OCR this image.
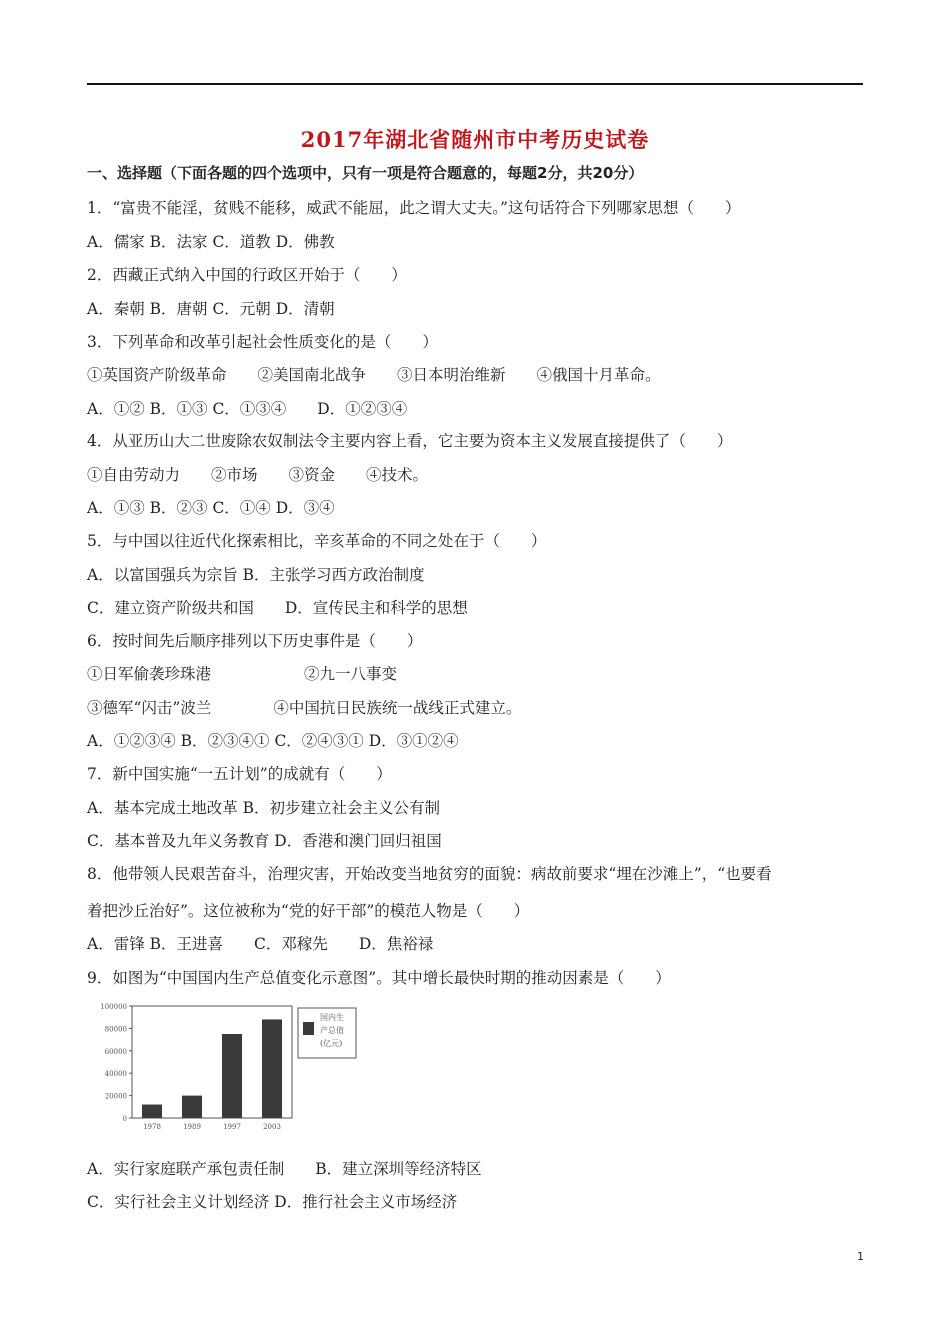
2017年湖北省随州市中考历史试卷
一、选择题（下面各题的四个选项中，只有一项是符合题意的，每题2分，共20分）
1．“富贵不能淫，贫贱不能移，威武不能屈，此之谓大丈夫。”这句话符合下列哪家思想（　　）
A．儒家 B．法家 C．道教 D．佛教
2．西藏正式纳入中国的行政区开始于（　　）
A．秦朝 B．唐朝 C．元朝 D．清朝
3．下列革命和改革引起社会性质变化的是（　　）
①英国资产阶级革命　　②美国南北战争　　③日本明治维新　　④俄国十月革命。
A．①② B．①③ C．①③④　　D．①②③④
4．从亚历山大二世废除农奴制法令主要内容上看，它主要为资本主义发展直接提供了（　　）
①自由劳动力　　②市场　　③资金　　④技术。
A．①③ B．②③ C．①④ D．③④
5．与中国以往近代化探索相比，辛亥革命的不同之处在于（　　）
A．以富国强兵为宗旨 B．主张学习西方政治制度
C．建立资产阶级共和国　　D．宣传民主和科学的思想
6．按时间先后顺序排列以下历史事件是（　　）
①日军偷袭珍珠港　　　　　　②九一八事变
③德军“闪击”波兰　　　　④中国抗日民族统一战线正式建立。
A．①②③④ B．②③④① C．②④③① D．③①②④
7．新中国实施“一五计划”的成就有（　　）
A．基本完成土地改革 B．初步建立社会主义公有制
C．基本普及九年义务教育 D．香港和澳门回归祖国
8．他带领人民艰苦奋斗，治理灾害，开始改变当地贫穷的面貌：病故前要求“埋在沙滩上”，“也要看
着把沙丘治好”。这位被称为“党的好干部”的模范人物是（　　）
A．雷锋 B．王进喜　　C．邓稼先　　D．焦裕禄
9．如图为“中国国内生产总值变化示意图”。其中增长最快时期的推动因素是（　　）
100000
80000
60000
40000
20000
0
1978	1989	1997	2003
国内生
产总值
(亿元)
A．实行家庭联产承包责任制　　B．建立深圳等经济特区
C．实行社会主义计划经济 D．推行社会主义市场经济
1
